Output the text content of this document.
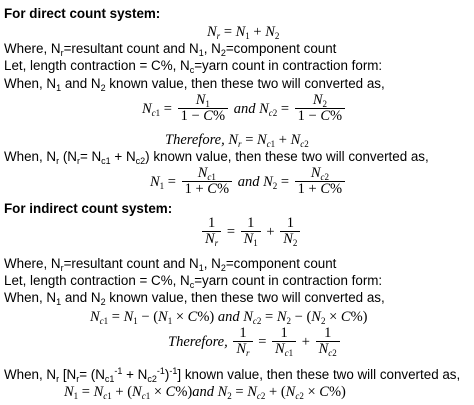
For direct count system:
$N_r = N_1 + N_2$
Where, $N_r=resultant$ count and $N_1$, $N_2=component$ count
Let, length contraction = C%, $N_c=yarn$ count in contraction form:
When, $N_1$ and $N_2$ known value, then these two will converted as,
$N_{c1} = \frac{N_1}{1 - C\%}$ and $N_{c2} = \frac{N_2}{1 - C\%}$
Therefore, $N_r = N_{c1} + N_{c2}$
When, $N_r$ $(N_r= N_{c1} + N_{c2})$ known value, then these two will converted as,
$N_1 = \frac{N_{c1}}{1 + C\%}$ and $N_2 = \frac{N_{c2}}{1 + C\%}$
For indirect count system:
$\frac{1}{N_r} = \frac{1}{N_1} + \frac{1}{N_2}$
Where, $N_r=resultant$ count and $N_1$, $N_2=component$ count
Let, length contraction = C%, $N_c=yarn$ count in contraction form:
When, $N_1$ and $N_2$ known value, then these two will converted as,
$N_{c1} = N_1 - (N_1 \times C\%)$ and $N_{c2} = N_2 - (N_2 \times C\%)$
Therefore, $\frac{1}{N_r} = \frac{1}{N_{c1}} + \frac{1}{N_{c2}}$
When, $N_r$ $[N_r= (N_{c1}^{-1} + N_{c2}^{-1})^{-1}]$ known value, then these two will converted as,
$N_1 = N_{c1} + (N_{c1} \times C\%)and$ $N_2 = N_{c2} + (N_{c2} \times C\%)$
